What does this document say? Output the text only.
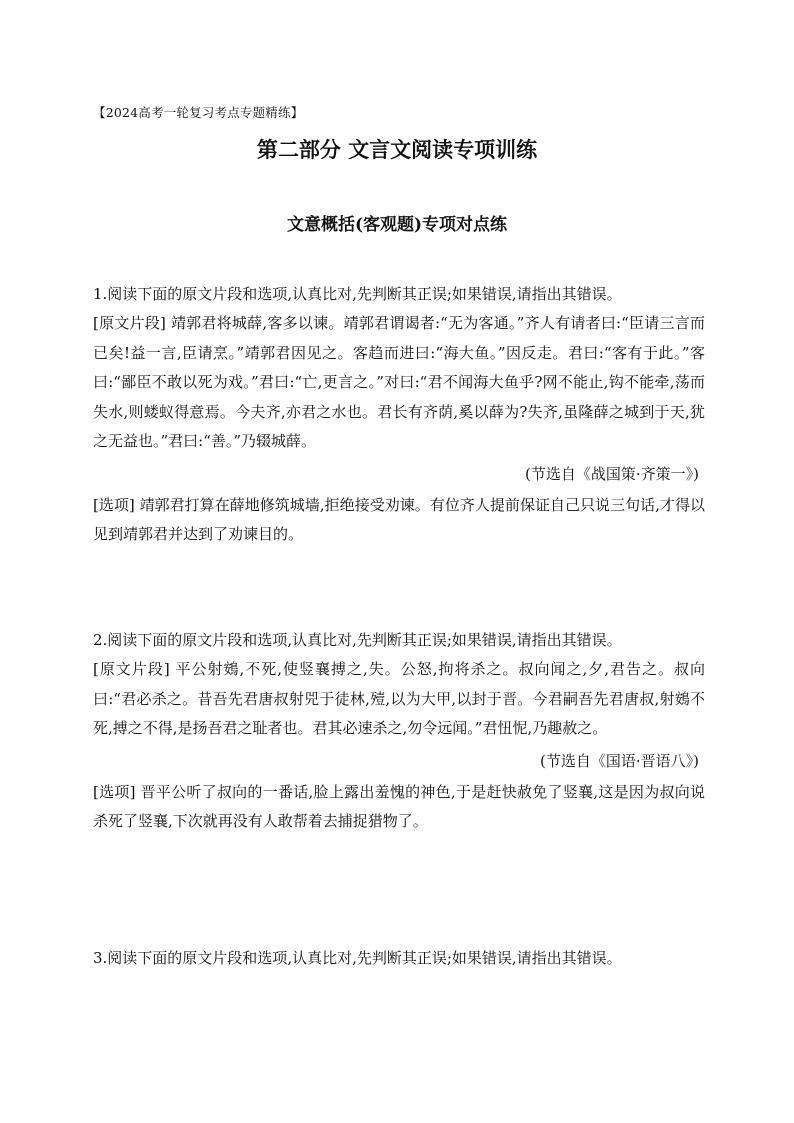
【2024高考一轮复习考点专题精练】
第二部分 文言文阅读专项训练
文意概括(客观题)专项对点练

1.阅读下面的原文片段和选项,认真比对,先判断其正误;如果错误,请指出其错误。

[原文片段] 靖郭君将城薛,客多以谏。靖郭君谓谒者:“无为客通。”齐人有请者曰:“臣请三言而已矣!益一言,臣请烹。”靖郭君因见之。客趋而进曰:“海大鱼。”因反走。君曰:“客有于此。”客曰:“鄙臣不敢以死为戏。”君曰:“亡,更言之。”对曰:“君不闻海大鱼乎?网不能止,钩不能牵,荡而失水,则蝼蚁得意焉。今夫齐,亦君之水也。君长有齐荫,奚以薛为?失齐,虽隆薛之城到于天,犹之无益也。”君曰:“善。”乃辍城薛。

(节选自《战国策·齐策一》)

[选项] 靖郭君打算在薛地修筑城墙,拒绝接受劝谏。有位齐人提前保证自己只说三句话,才得以见到靖郭君并达到了劝谏目的。

2.阅读下面的原文片段和选项,认真比对,先判断其正误;如果错误,请指出其错误。

[原文片段] 平公射鴳,不死,使竖襄搏之,失。公怒,拘将杀之。叔向闻之,夕,君告之。叔向曰:“君必杀之。昔吾先君唐叔射兕于徒林,殪,以为大甲,以封于晋。今君嗣吾先君唐叔,射鴳不死,搏之不得,是扬吾君之耻者也。君其必速杀之,勿令远闻。”君忸怩,乃趣赦之。

(节选自《国语·晋语八》)

[选项] 晋平公听了叔向的一番话,脸上露出羞愧的神色,于是赶快赦免了竖襄,这是因为叔向说杀死了竖襄,下次就再没有人敢帮着去捕捉猎物了。

3.阅读下面的原文片段和选项,认真比对,先判断其正误;如果错误,请指出其错误。
